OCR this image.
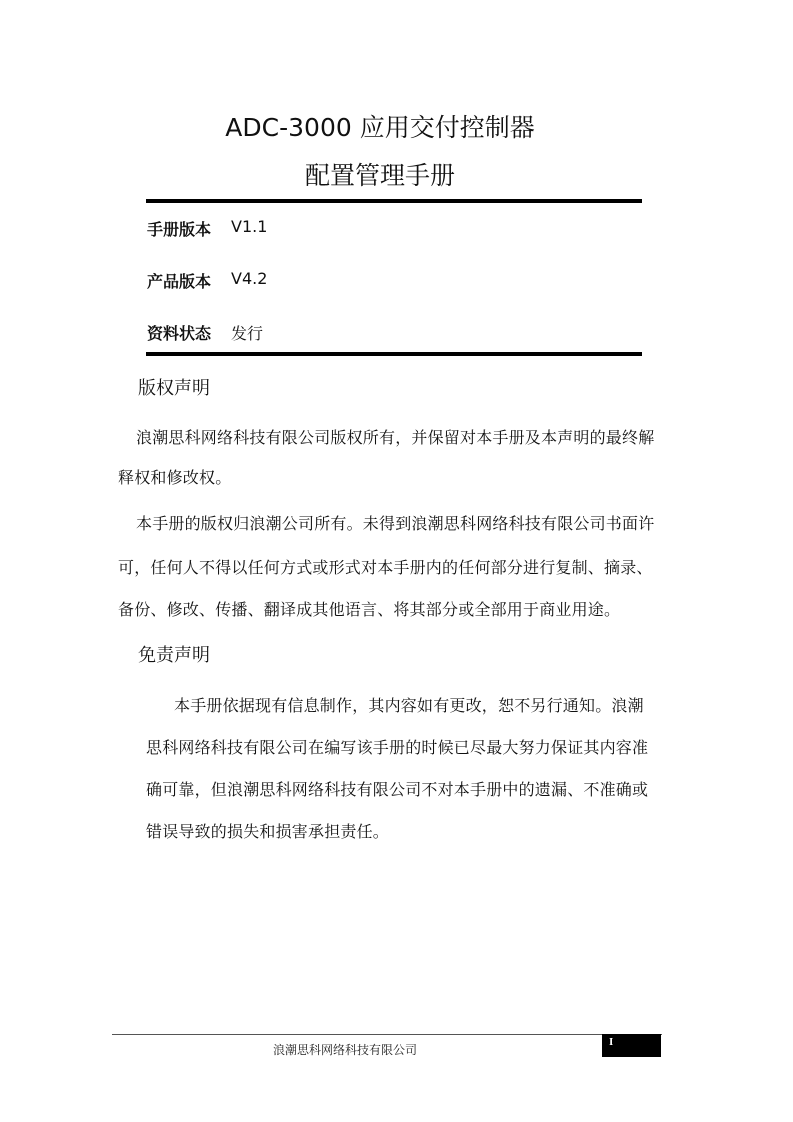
ADC-3000 应用交付控制器
配置管理手册
手册版本 V1.1
产品版本 V4.2
资料状态 发行
版权声明
浪潮思科网络科技有限公司版权所有，并保留对本手册及本声明的最终解
释权和修改权。
本手册的版权归浪潮公司所有。未得到浪潮思科网络科技有限公司书面许
可，任何人不得以任何方式或形式对本手册内的任何部分进行复制、摘录、
备份、修改、传播、翻译成其他语言、将其部分或全部用于商业用途。
免责声明
本手册依据现有信息制作，其内容如有更改，恕不另行通知。浪潮
思科网络科技有限公司在编写该手册的时候已尽最大努力保证其内容准
确可靠，但浪潮思科网络科技有限公司不对本手册中的遗漏、不准确或
错误导致的损失和损害承担责任。
浪潮思科网络科技有限公司
I
